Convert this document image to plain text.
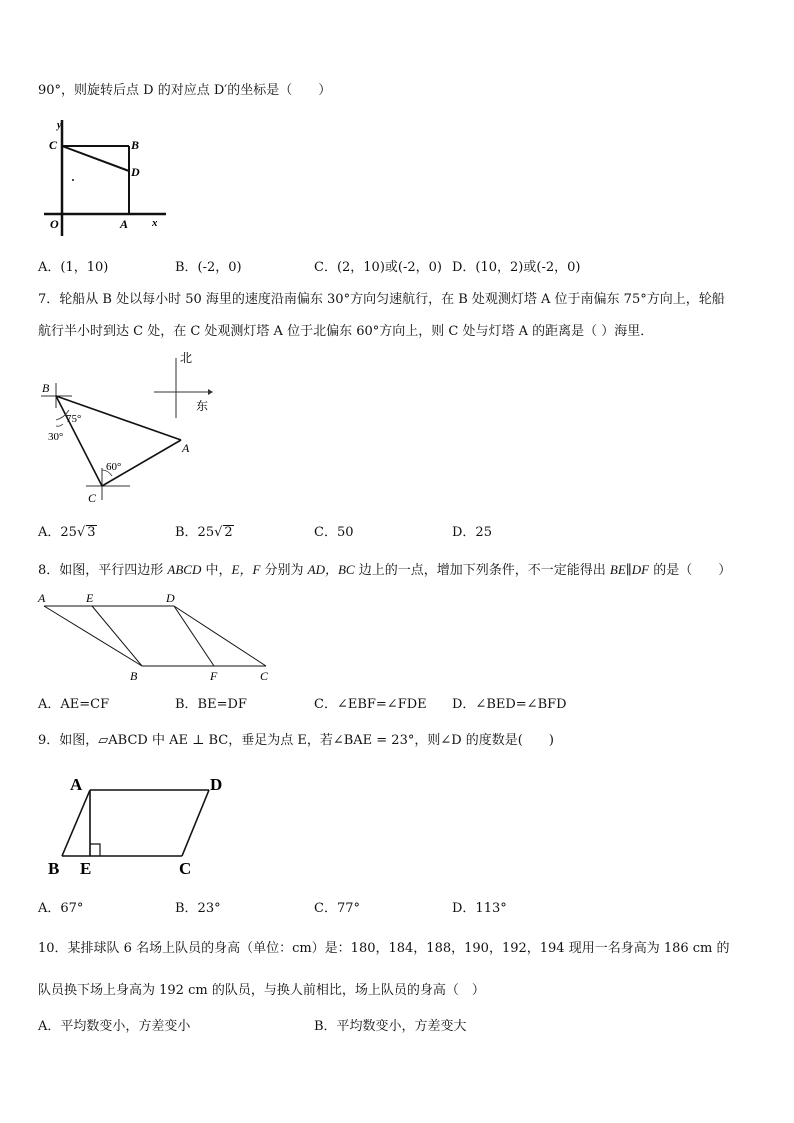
90°，则旋转后点 D 的对应点 D′的坐标是（　　）
y
C	B
D
O	A x
A．(1，10)	B．(-2，0)	C．(2，10)或(-2，0) D．(10，2)或(-2，0)
7．轮船从 B 处以每小时 50 海里的速度沿南偏东 30°方向匀速航行，在 B 处观测灯塔 A 位于南偏东 75°方向上，轮船
航行半小时到达 C 处，在 C 处观测灯塔 A 位于北偏东 60°方向上，则 C 处与灯塔 A 的距离是（ ）海里．
北
东
B
75°
30°
60°
A
C
A．25√ 3	B．25√ 2	C．50	D．25
8．如图，平行四边形 ABCD 中，E，F 分别为 AD，BC 边上的一点，增加下列条件，不一定能得出 BE∥DF 的是（　　）
A	E	D
B	F	C
A．AE=CF	B．BE=DF	C．∠EBF=∠FDE D．∠BED=∠BFD
9．如图，▱ABCD 中 AE ⊥ BC，垂足为点 E，若∠BAE = 23°，则∠D 的度数是(　　)
A	D
B E	C
A．67°	B．23°	C．77°	D．113°
10．某排球队 6 名场上队员的身高（单位：cm）是：180，184，188，190，192，194 现用一名身高为 186 cm 的
队员换下场上身高为 192 cm 的队员，与换人前相比，场上队员的身高（　）
A．平均数变小，方差变小	B．平均数变小，方差变大
